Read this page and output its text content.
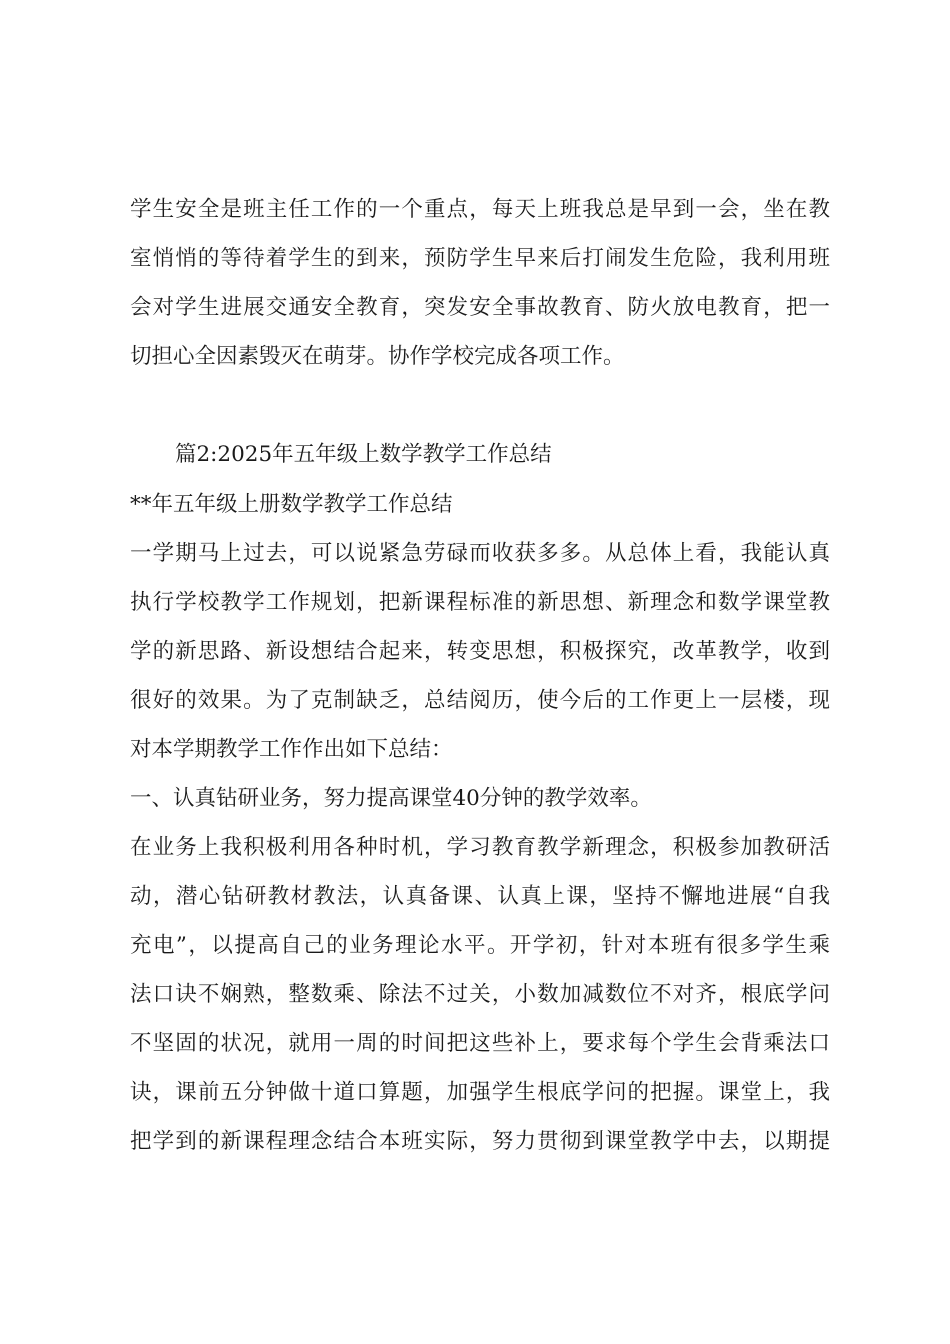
学生安全是班主任工作的一个重点，每天上班我总是早到一会，坐在教
室悄悄的等待着学生的到来，预防学生早来后打闹发生危险，我利用班
会对学生进展交通安全教育，突发安全事故教育、防火放电教育，把一
切担心全因素毁灭在萌芽。协作学校完成各项工作。
篇2:2025年五年级上数学教学工作总结
**年五年级上册数学教学工作总结
一学期马上过去，可以说紧急劳碌而收获多多。从总体上看，我能认真
执行学校教学工作规划，把新课程标准的新思想、新理念和数学课堂教
学的新思路、新设想结合起来，转变思想，积极探究，改革教学，收到
很好的效果。为了克制缺乏，总结阅历，使今后的工作更上一层楼，现
对本学期教学工作作出如下总结：
一、认真钻研业务，努力提高课堂40分钟的教学效率。
在业务上我积极利用各种时机，学习教育教学新理念，积极参加教研活
动，潜心钻研教材教法，认真备课、认真上课，坚持不懈地进展“自我
充电”，以提高自己的业务理论水平。开学初，针对本班有很多学生乘
法口诀不娴熟，整数乘、除法不过关，小数加减数位不对齐，根底学问
不坚固的状况，就用一周的时间把这些补上，要求每个学生会背乘法口
诀，课前五分钟做十道口算题，加强学生根底学问的把握。课堂上，我
把学到的新课程理念结合本班实际，努力贯彻到课堂教学中去，以期提
